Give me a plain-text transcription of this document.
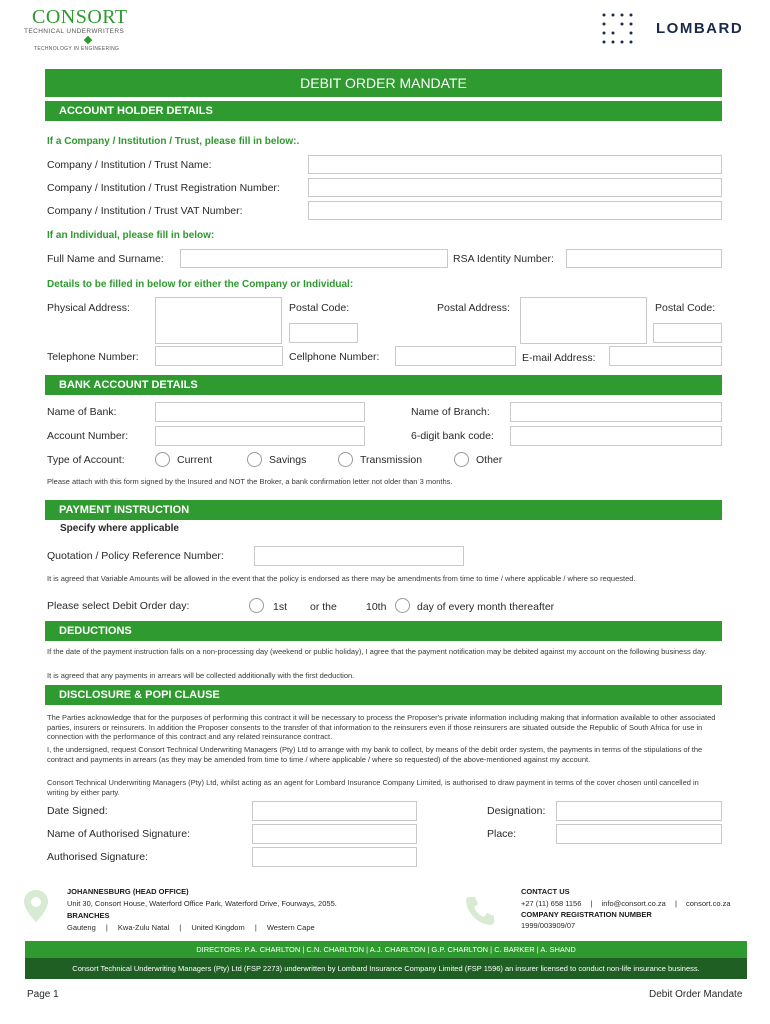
CONSORT
TECHNICAL UNDERWRITERS
TECHNOLOGY IN ENGINEERING
LOMBARD
DEBIT ORDER MANDATE
ACCOUNT HOLDER DETAILS
If a Company / Institution / Trust, please fill in below:.
Company / Institution / Trust Name:
Company / Institution / Trust Registration Number:
Company / Institution / Trust VAT Number:
If an Individual, please fill in below:
Full Name and Surname:	RSA Identity Number:
Details to be filled in below for either the Company or Individual:
Physical Address:	Postal Code:	Postal Address:	Postal Code:
Telephone Number:	Cellphone Number:	E-mail Address:
BANK ACCOUNT DETAILS
Name of Bank:	Name of Branch:
Account Number:	6-digit bank code:
Type of Account:	Current	Savings	Transmission	Other
Please attach with this form signed by the Insured and NOT the Broker, a bank confirmation letter not older than 3 months.
PAYMENT INSTRUCTION
Specify where applicable
Quotation / Policy Reference Number:
It is agreed that Variable Amounts will be allowed in the event that the policy is endorsed as there may be amendments from time to time / where applicable / where so requested.
Please select Debit Order day:	1st or the	10th	day of every month thereafter
DEDUCTIONS
If the date of the payment instruction falls on a non-processing day (weekend or public holiday), I agree that the payment notification may be debited against my account on the following business day.
It is agreed that any payments in arrears will be collected additionally with the first deduction.
DISCLOSURE & POPI CLAUSE
The Parties acknowledge that for the purposes of performing this contract it will be necessary to process the Proposer's private information including making that information available to other associated parties, insurers or reinsurers. In addition the Proposer consents to the transfer of that information to the reinsurers even if those reinsurers are situated outside the Republic of South Africa for use in connection with the performance of this contract and any related reinsurance contract.
I, the undersigned, request Consort Technical Underwriting Managers (Pty) Ltd to arrange with my bank to collect, by means of the debit order system, the payments in terms of the stipulations of the contract and payments in arrears (as they may be amended from time to time / where applicable / where so requested) of the above-mentioned against my account.
Consort Technical Underwriting Managers (Pty) Ltd, whilst acting as an agent for Lombard Insurance Company Limited, is authorised to draw payment in terms of the cover chosen until cancelled in writing by either party.
Date Signed:	Designation:
Name of Authorised Signature:	Place:
Authorised Signature:
JOHANNESBURG (HEAD OFFICE)
Unit 30, Consort House, Waterford Office Park, Waterford Drive, Fourways, 2055.
BRANCHES
Gauteng | Kwa-Zulu Natal | United Kingdom | Western Cape
CONTACT US
+27 (11) 658 1156 | info@consort.co.za | consort.co.za
COMPANY REGISTRATION NUMBER
1999/003909/07
DIRECTORS: P.A. CHARLTON | C.N. CHARLTON | A.J. CHARLTON | G.P. CHARLTON | C. BARKER | A. SHAND
Consort Technical Underwriting Managers (Pty) Ltd (FSP 2273) underwritten by Lombard Insurance Company Limited (FSP 1596) an insurer licensed to conduct non-life insurance business.
Page 1	Debit Order Mandate
